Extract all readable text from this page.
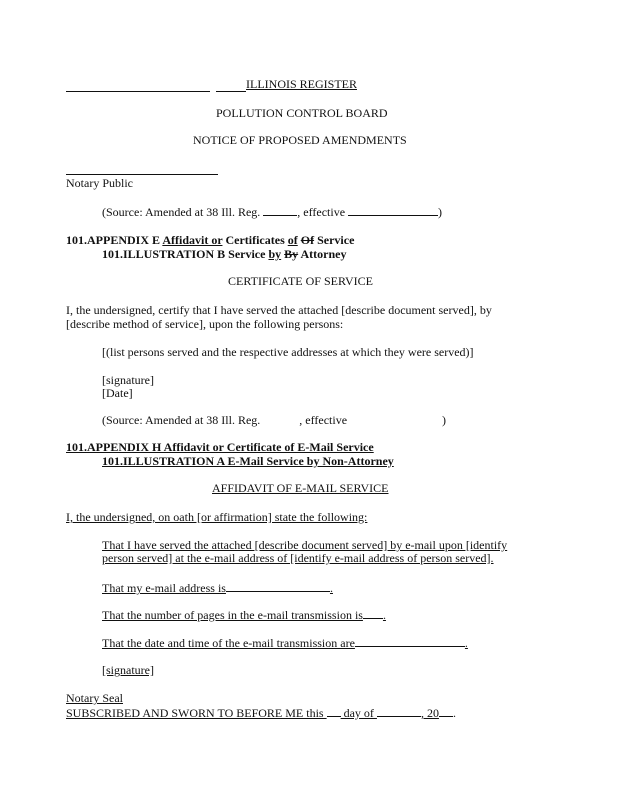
ILLINOIS REGISTER
POLLUTION CONTROL BOARD
NOTICE OF PROPOSED AMENDMENTS
Notary Public
(Source: Amended at 38 Ill. Reg.	, effective	)
101.APPENDIX E Affidavit or Certificates of Of Service
101.ILLUSTRATION B Service by By Attorney
CERTIFICATE OF SERVICE
I, the undersigned, certify that I have served the attached [describe document served], by
[describe method of service], upon the following persons:
[(list persons served and the respective addresses at which they were served)]
[signature]
[Date]
(Source: Amended at 38 Ill. Reg.	, effective	)
101.APPENDIX H Affidavit or Certificate of E-Mail Service
101.ILLUSTRATION A E-Mail Service by Non-Attorney
AFFIDAVIT OF E-MAIL SERVICE
I, the undersigned, on oath [or affirmation] state the following:
That I have served the attached [describe document served] by e-mail upon [identify
person served] at the e-mail address of [identify e-mail address of person served].
That my e-mail address is	.
That the number of pages in the e-mail transmission is .
That the date and time of the e-mail transmission are	.
[signature]
Notary Seal
SUBSCRIBED AND SWORN TO BEFORE ME this  day of	, 20 .
